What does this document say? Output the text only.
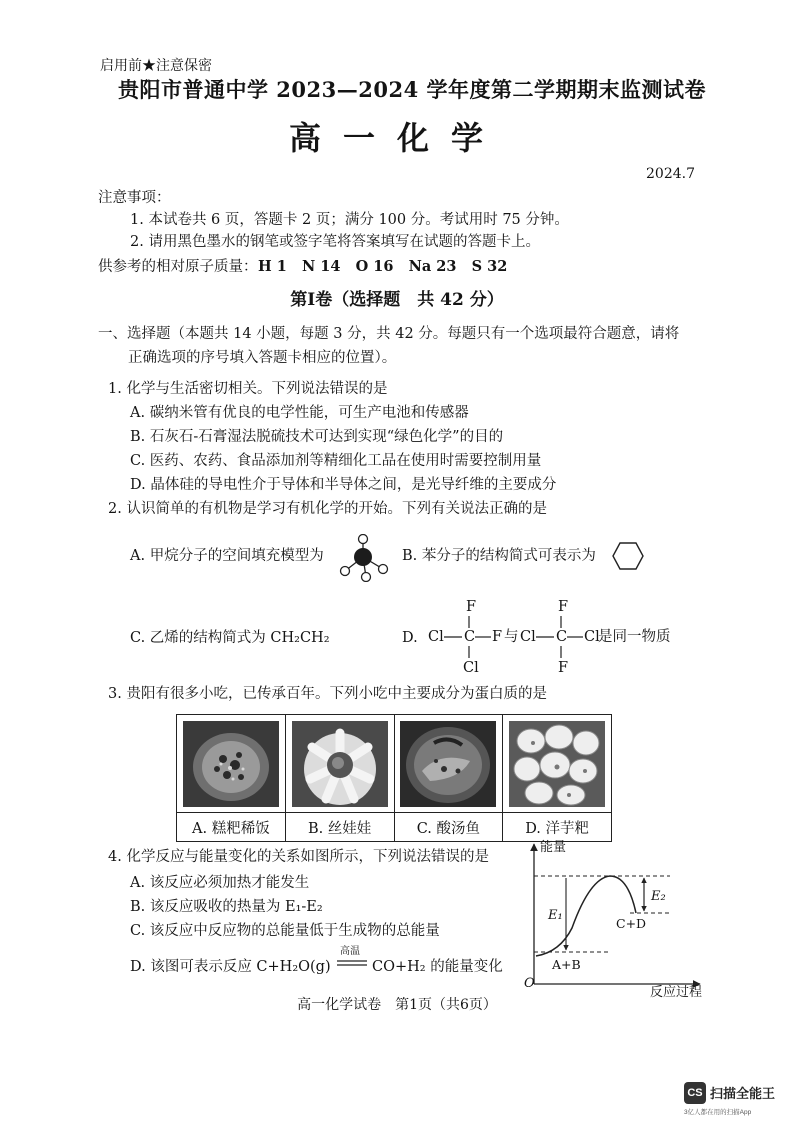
启用前★注意保密
贵阳市普通中学 2023—2024 学年度第二学期期末监测试卷
高一化学
2024.7
注意事项：
1. 本试卷共 6 页，答题卡 2 页；满分 100 分。考试用时 75 分钟。
2. 请用黑色墨水的钢笔或签字笔将答案填写在试题的答题卡上。
供参考的相对原子质量： H 1   N 14   O 16   Na 23   S 32
第Ⅰ卷（选择题　共 42 分）
一、选择题（本题共 14 小题，每题 3 分，共 42 分。每题只有一个选项最符合题意，请将
正确选项的序号填入答题卡相应的位置）。
1. 化学与生活密切相关。下列说法错误的是
A. 碳纳米管有优良的电学性能，可生产电池和传感器
B. 石灰石-石膏湿法脱硫技术可达到实现“绿色化学”的目的
C. 医药、农药、食品添加剂等精细化工品在使用时需要控制用量
D. 晶体硅的导电性介于导体和半导体之间，是光导纤维的主要成分
2. 认识简单的有机物是学习有机化学的开始。下列有关说法正确的是
A. 甲烷分子的空间填充模型为	B. 苯分子的结构简式可表示为
C. 乙烯的结构简式为 CH₂CH₂	D. Cl C
F
Cl
F 与 Cl C
F
F
Cl
是同一物质
3. 贵阳有很多小吃，已传承百年。下列小吃中主要成分为蛋白质的是
A. 糕粑稀饭	B. 丝娃娃	C. 酸汤鱼	D. 洋芋粑
4. 化学反应与能量变化的关系如图所示，下列说法错误的是
A. 该反应必须加热才能发生
B. 该反应吸收的热量为 E₁-E₂
C. 该反应中反应物的总能量低于生成物的总能量
D. 该图可表示反应 C+H₂O(g)
高温
CO+H₂ 的能量变化
能量
反应过程
O
E₁
E₂
A+B
C+D
高一化学试卷　第1页（共6页）
CS 扫描全能王
3亿人都在用的扫描App
